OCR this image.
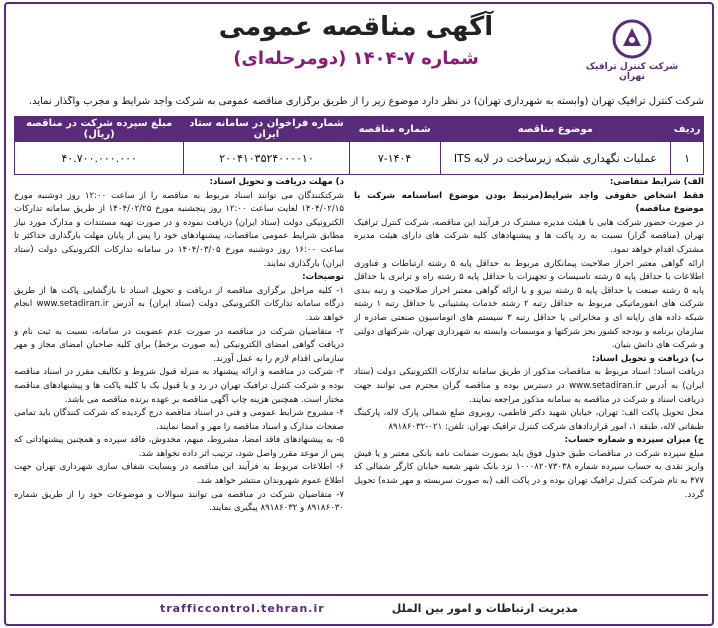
شرکت کنترل ترافیک تهران
آگهی مناقصه عمومی
شماره ۷-۱۴۰۴ (دومرحله‌ای)
شرکت کنترل ترافیک تهران (وابسته به شهرداری تهران) در نظر دارد موضوع زیر را از طریق برگزاری مناقصه عمومی به شرکت واجد شرایط و مجرب واگذار نماید.
ردیف	موضوع مناقصه	شماره مناقصه	شماره فراخوان در سامانه ستاد ایران	مبلغ سپرده شرکت در مناقصه (ریال)
۱	عملیات نگهداری شبکه زیرساخت در لایه ITS	۷-۱۴۰۴	۲۰۰۴۱۰۳۵۲۴۰۰۰۰۱۰	۴۰.۷۰۰.۰۰۰.۰۰۰

الف) شرایط متقاضی:

فقط اشخاص حقوقی واجد شرایط(مرتبط بودن موضوع اساسنامه شرکت با موضوع مناقصه)

در صورت حضور شرکت هایی با هیئت مدیره مشترک در فرآیند این مناقصه، شرکت کنترل ترافیک تهران (مناقصه گزار) نسبت به رد پاکت ها و پیشنهادهای کلیه شرکت های دارای هیئت مدیره مشترک اقدام خواهد نمود.

ارائه گواهی معتبر احراز صلاحیت پیمانکاری مربوط به حداقل پایه ۵ رشته ارتباطات و فناوری اطلاعات یا حداقل پایه ۵ رشته تاسیسات و تجهیزات یا حداقل پایه ۵ رشته راه و ترابری یا حداقل پایه ۵ رشته صنعت یا حداقل پایه ۵ رشته نیرو و یا ارائه گواهی معتبر احراز صلاحیت و رتبه بندی شرکت های انفورماتیکی مربوط به حداقل رتبه ۲ رشته خدمات پشتیبانی یا حداقل رتبه ۱ رشته شبکه داده های رایانه ای و مخابراتی یا حداقل رتبه ۳ سیستم های اتوماسیون صنعتی صادره از سازمان برنامه و بودجه کشور بجز شرکتها و موسسات وابسته به شهرداری تهران، شرکتهای دولتی و شرکت های دانش بنیان.

ب) دریافت و تحویل اسناد:

دریافت اسناد: اسناد مربوط به مناقصات مذکور از طریق سامانه تدارکات الکترونیکی دولت (ستاد ایران) به آدرس www.setadiran.ir در دسترس بوده و مناقصه گران محترم می توانند جهت دریافت اسناد و شرکت در مناقصه به سامانه مذکور مراجعه نمایند.

محل تحویل پاکت الف: تهران، خیابان شهید دکتر فاطمی، روبروی ضلع شمالی پارک لاله، پارکینگ طبقاتی لاله، طبقه ۱، امور قراردادهای شرکت کنترل ترافیک تهران. تلفن: ۰۲۱-۸۹۱۸۶۰۳۲

ج) میزان سپرده و شماره حساب:

مبلغ سپرده شرکت در مناقصات طبق جدول فوق باید بصورت ضمانت نامه بانکی معتبر و یا فیش واریز نقدی به حساب سپرده شماره ۱۰۰۰۸۲۰۷۳۰۳۸ نزد بانک شهر شعبه خیابان کارگر شمالی کد ۴۷۷ به نام شرکت کنترل ترافیک تهران بوده و در پاکت الف (به صورت سربسته و مهر شده) تحویل گردد.

د) مهلت دریافت و تحویل اسناد:

شرکتکنندگان می توانند اسناد مربوط به مناقصه را از ساعت ۱۲:۰۰ روز دوشنبه مورخ ۱۴۰۴/۰۲/۱۵ لغایت ساعت ۱۲:۰۰ روز پنجشنبه مورخ ۱۴۰۴/۰۲/۲۵ از طریق سامانه تدارکات الکترونیکی دولت (ستاد ایران) دریافت نموده و در صورت تهیه مستندات و مدارک مورد نیاز مطابق شرایط عمومی مناقصات، پیشنهادهای خود را پس از پایان مهلت بارگذاری حداکثر تا ساعت ۱۶:۰۰ روز دوشنبه مورخ ۱۴۰۴/۰۳/۰۵ در سامانه تدارکات الکترونیکی دولت (ستاد ایران) بارگذاری نمایند.

توضیحات:

۱- کلیه مراحل برگزاری مناقصه از دریافت و تحویل اسناد تا بازگشایی پاکت ها از طریق درگاه سامانه تدارکات الکترونیکی دولت (ستاد ایران) به آدرس www.setadiran.ir انجام خواهد شد.

۲- متقاضیان شرکت در مناقصه در صورت عدم عضویت در سامانه، نسبت به ثبت نام و دریافت گواهی امضای الکترونیکی (به صورت برخط) برای کلیه صاحبان امضای مجاز و مهر سازمانی اقدام لازم را به عمل آورند.

۳- شرکت در مناقصه و ارائه پیشنهاد به منزله قبول شروط و تکالیف مقرر در اسناد مناقصه بوده و شرکت کنترل ترافیک تهران در رد و یا قبول یک یا کلیه پاکت ها و پیشنهادهای مناقصه مختار است. همچنین هزینه چاپ آگهی مناقصه بر عهده برنده مناقصه می باشد.

۴- مشروح شرایط عمومی و فنی در اسناد مناقصه درج گردیده که شرکت کنندگان باید تمامی صفحات مدارک و اسناد مناقصه را مهر و امضا نمایند.

۵- به پیشنهادهای فاقد امضا، مشروط، مبهم، مخدوش، فاقد سپرده و همچنین پیشنهاداتی که پس از موعد مقرر واصل شود، ترتیب اثر داده نخواهد شد.

۶- اطلاعات مربوط به فرآیند این مناقصه در وبسایت شفاف سازی شهرداری تهران جهت اطلاع عموم شهروندان منتشر خواهد شد.

۷- متقاضیان شرکت در مناقصه می توانند سوالات و موضوعات خود را از طریق شماره ۸۹۱۸۶۰۳۰ و ۸۹۱۸۶۰۳۲ پیگیری نمایند.

trafficcontrol.tehran.ir	مدیریت ارتباطات و امور بین الملل
